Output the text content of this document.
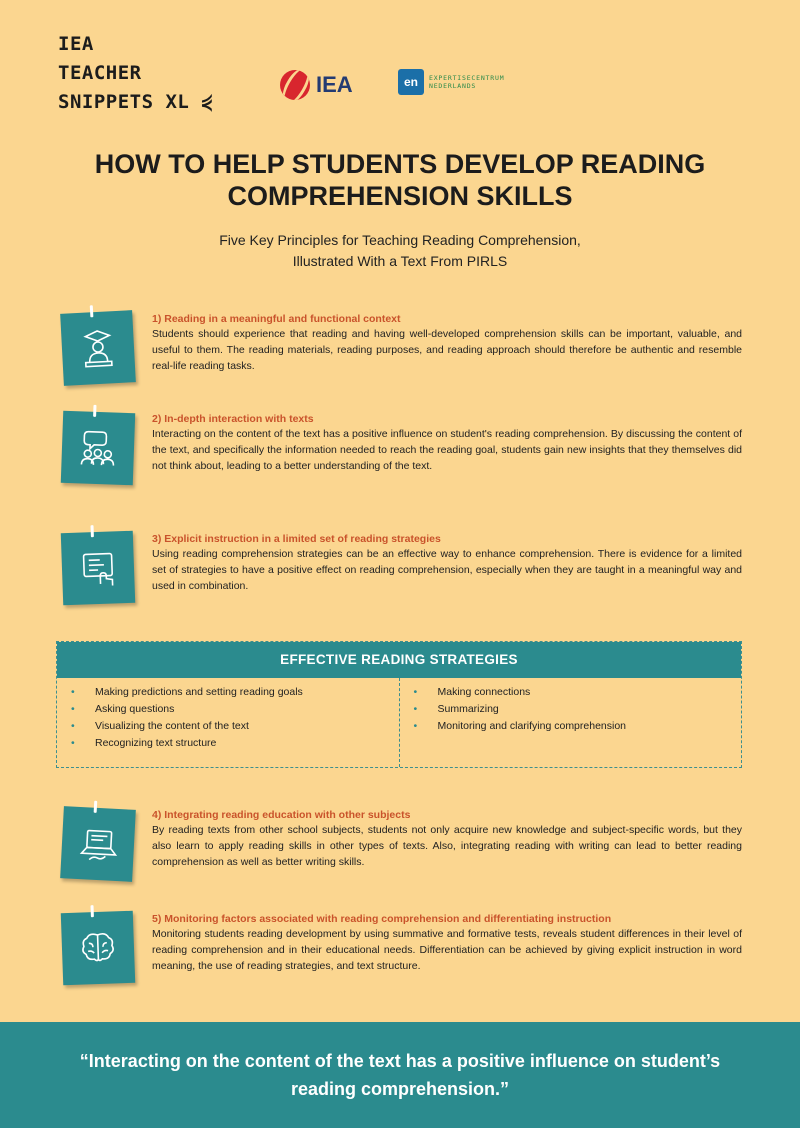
IEA
TEACHER
SNIPPETS XL ⋞
IEA	en	EXPERTISECENTRUM
NEDERLANDS
HOW TO HELP STUDENTS DEVELOP READING COMPREHENSION SKILLS
Five Key Principles for Teaching Reading Comprehension,
Illustrated With a Text From PIRLS
1) Reading in a meaningful and functional context
Students should experience that reading and having well-developed comprehension skills can be important, valuable, and useful to them. The reading materials, reading purposes, and reading approach should therefore be authentic and resemble real-life reading tasks.
2) In-depth interaction with texts
Interacting on the content of the text has a positive influence on student's reading comprehension. By discussing the content of the text, and specifically the information needed to reach the reading goal, students gain new insights that they themselves did not think about, leading to a better understanding of the text.
3) Explicit instruction in a limited set of reading strategies
Using reading comprehension strategies can be an effective way to enhance comprehension. There is evidence for a limited set of strategies to have a positive effect on reading comprehension, especially when they are taught in a meaningful way and used in combination.
EFFECTIVE READING STRATEGIES
• Making predictions and setting reading goals
• Asking questions
• Visualizing the content of the text
• Recognizing text structure
• Making connections
• Summarizing
• Monitoring and clarifying comprehension
4) Integrating reading education with other subjects
By reading texts from other school subjects, students not only acquire new knowledge and subject-specific words, but they also learn to apply reading skills in other types of texts. Also, integrating reading with writing can lead to better reading comprehension as well as better writing skills.
5) Monitoring factors associated with reading comprehension and differentiating instruction
Monitoring students reading development by using summative and formative tests, reveals student differences in their level of reading comprehension and in their educational needs. Differentiation can be achieved by giving explicit instruction in word meaning, the use of reading strategies, and text structure.

“Interacting on the content of the text has a positive influence on student’s reading comprehension.”
